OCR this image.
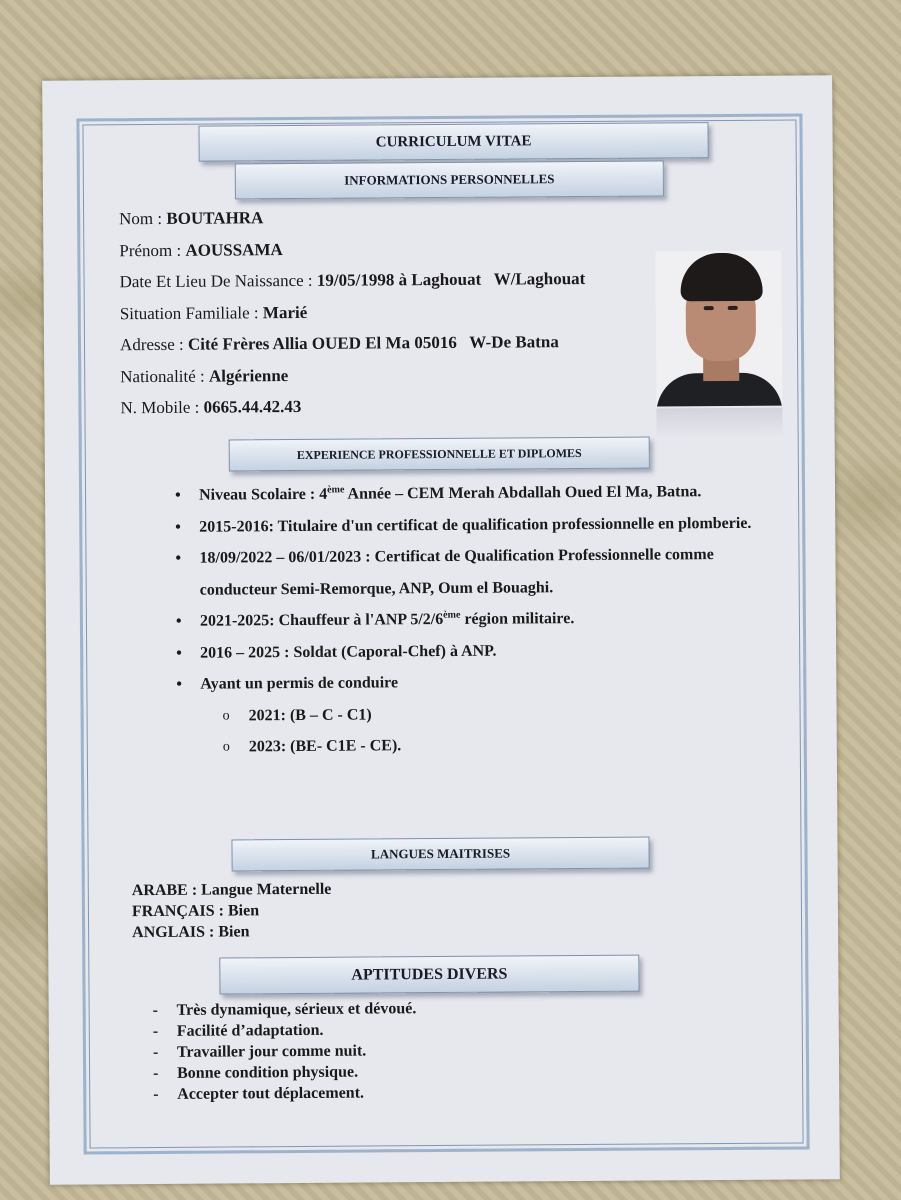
CURRICULUM VITAE
INFORMATIONS PERSONNELLES
Nom : BOUTAHRA
Prénom : AOUSSAMA
Date Et Lieu De Naissance : 19/05/1998 à Laghouat   W/Laghouat
Situation Familiale : Marié
Adresse : Cité Frères Allia OUED El Ma 05016   W-De Batna
Nationalité : Algérienne
N. Mobile : 0665.44.42.43
EXPERIENCE PROFESSIONNELLE ET DIPLOMES
• Niveau Scolaire : 4ème Année – CEM Merah Abdallah Oued El Ma, Batna.
• 2015-2016: Titulaire d'un certificat de qualification professionnelle en plomberie.
• 18/09/2022 – 06/01/2023 : Certificat de Qualification Professionnelle comme conducteur Semi-Remorque, ANP, Oum el Bouaghi.
• 2021-2025: Chauffeur à l'ANP 5/2/6ème région militaire.
• 2016 – 2025 : Soldat (Caporal-Chef) à ANP.
• Ayant un permis de conduire
o 2021: (B – C - C1)
o 2023: (BE- C1E - CE).
LANGUES MAITRISES
ARABE : Langue Maternelle
FRANÇAIS : Bien
ANGLAIS : Bien
APTITUDES DIVERS
- Très dynamique, sérieux et dévoué.
- Facilité d’adaptation.
- Travailler jour comme nuit.
- Bonne condition physique.
- Accepter tout déplacement.
